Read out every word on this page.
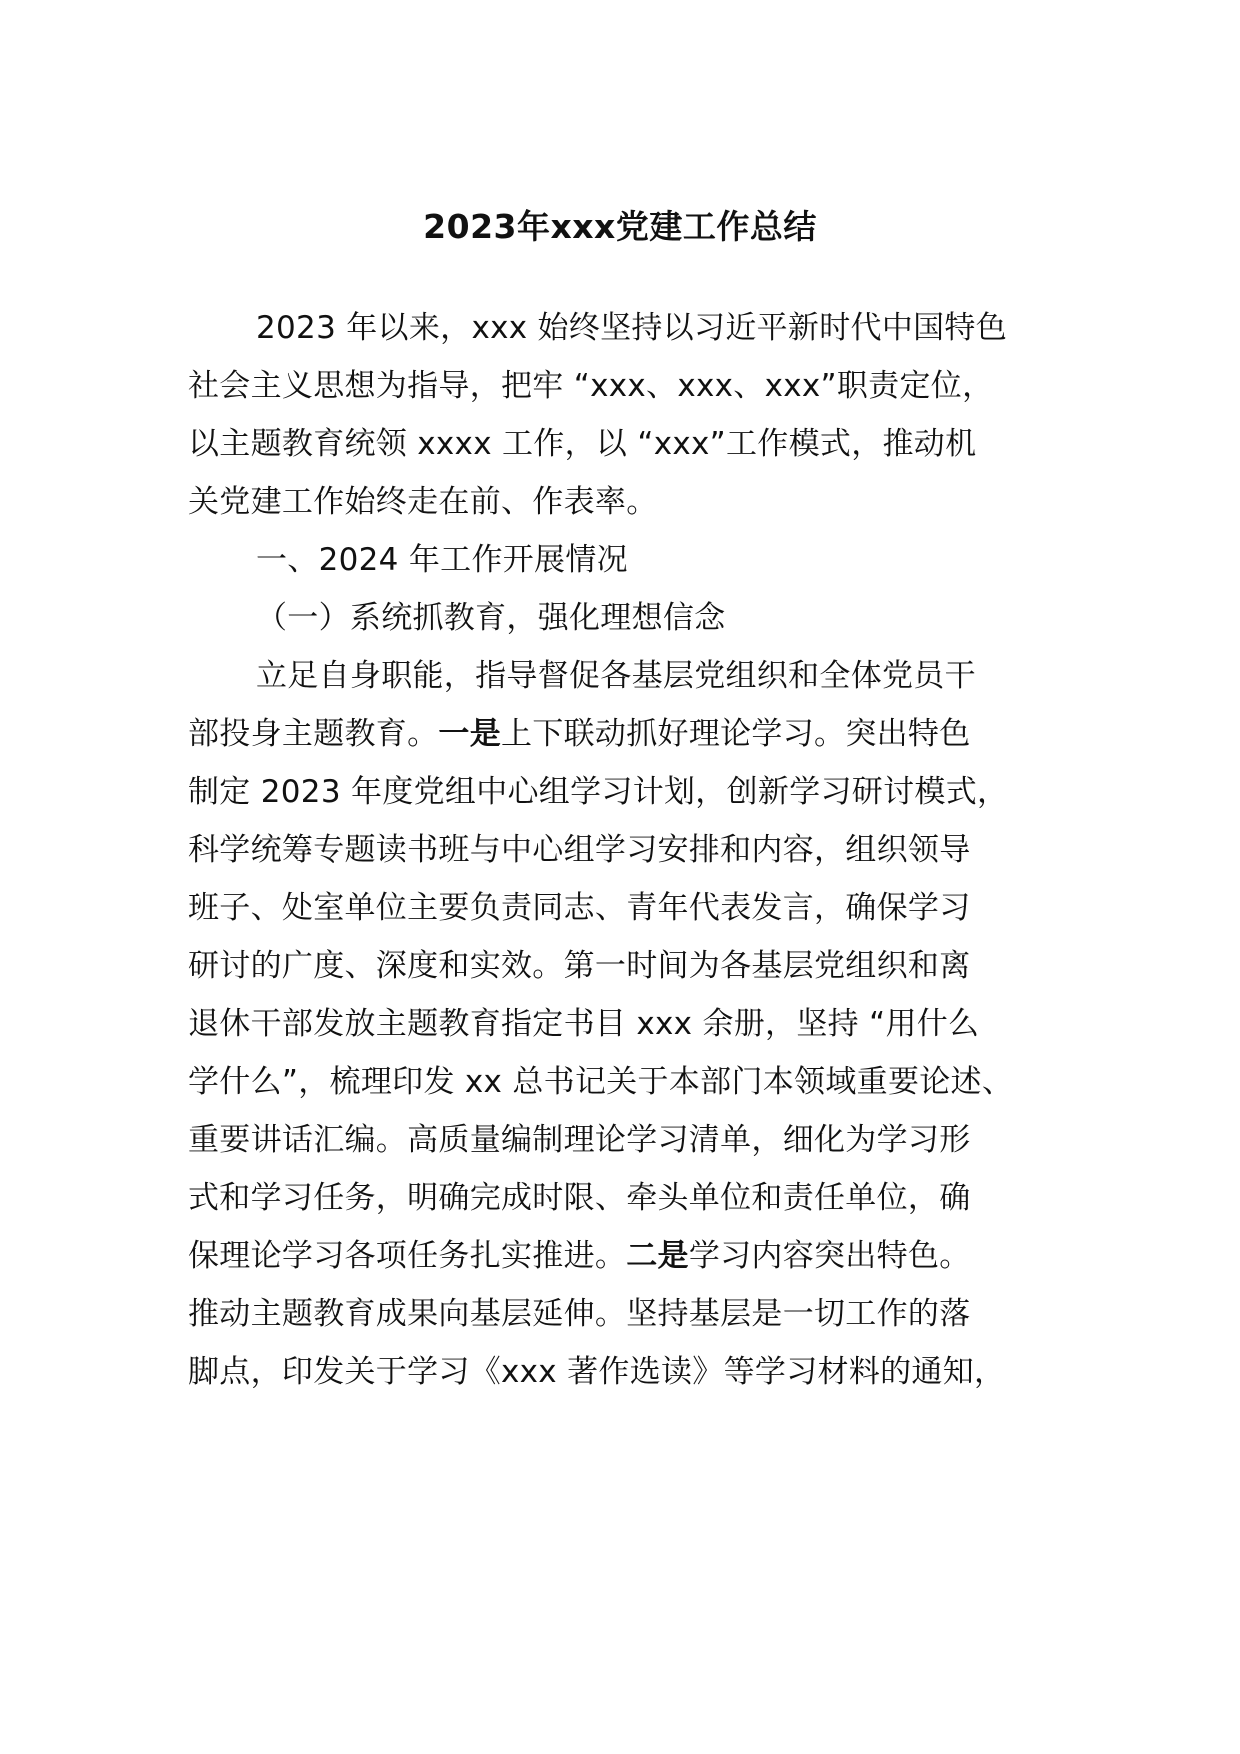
2023年xxx党建工作总结
2023 年以来，xxx 始终坚持以习近平新时代中国特色
社会主义思想为指导，把牢 “xxx、xxx、xxx”职责定位，
以主题教育统领 xxxx 工作，以 “xxx”工作模式，推动机
关党建工作始终走在前、作表率。
一、2024 年工作开展情况
（一）系统抓教育，强化理想信念
立足自身职能，指导督促各基层党组织和全体党员干
部投身主题教育。一是上下联动抓好理论学习。突出特色
制定 2023 年度党组中心组学习计划，创新学习研讨模式，
科学统筹专题读书班与中心组学习安排和内容，组织领导
班子、处室单位主要负责同志、青年代表发言，确保学习
研讨的广度、深度和实效。第一时间为各基层党组织和离
退休干部发放主题教育指定书目 xxx 余册，坚持 “用什么
学什么”，梳理印发 xx 总书记关于本部门本领域重要论述、
重要讲话汇编。高质量编制理论学习清单，细化为学习形
式和学习任务，明确完成时限、牵头单位和责任单位，确
保理论学习各项任务扎实推进。二是学习内容突出特色。
推动主题教育成果向基层延伸。坚持基层是一切工作的落
脚点，印发关于学习《xxx 著作选读》等学习材料的通知，
